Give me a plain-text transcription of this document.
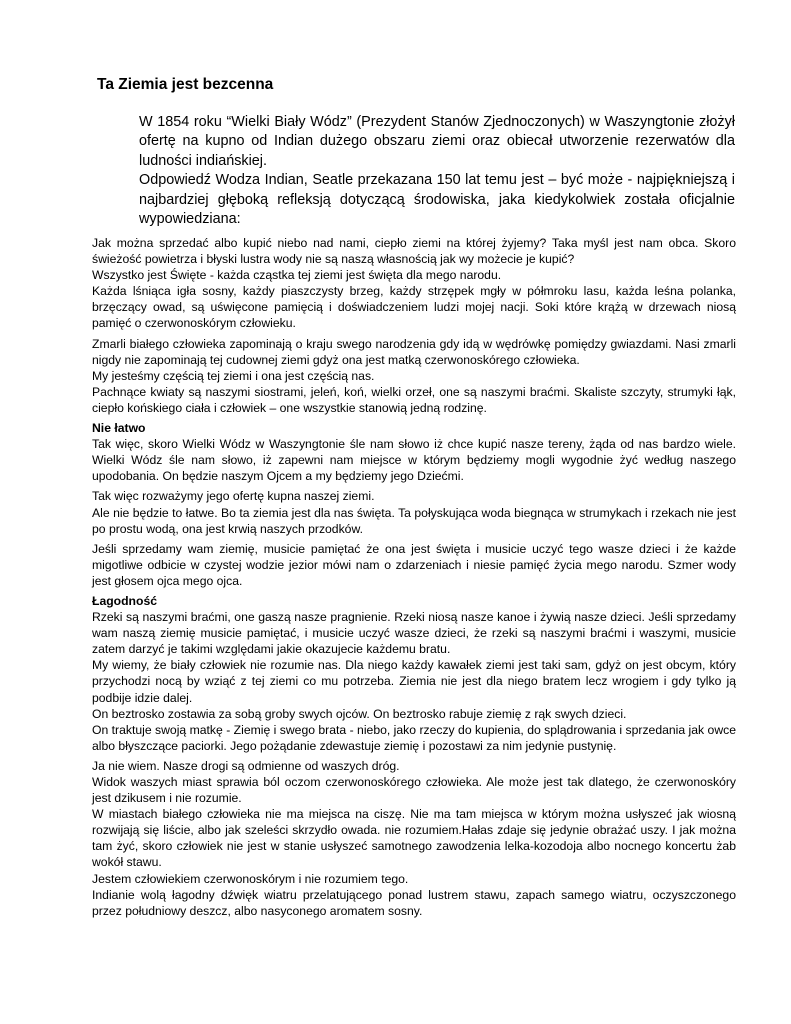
Ta Ziemia jest bezcenna

W 1854 roku “Wielki Biały Wódz” (Prezydent Stanów Zjednoczonych) w Waszyngtonie złożył ofertę na kupno od Indian dużego obszaru ziemi oraz obiecał utworzenie rezerwatów dla ludności indiańskiej.

Odpowiedź Wodza Indian, Seatle przekazana 150 lat temu jest – być może - najpiękniejszą i najbardziej głęboką refleksją dotyczącą środowiska, jaka kiedykolwiek została oficjalnie wypowiedziana:

Jak można sprzedać albo kupić niebo nad nami, ciepło ziemi na której żyjemy? Taka myśl jest nam obca. Skoro świeżość powietrza i błyski lustra wody nie są naszą własnością jak wy możecie je kupić?

Wszystko jest Święte - każda cząstka tej ziemi jest święta dla mego narodu.

Każda lśniąca igła sosny, każdy piaszczysty brzeg, każdy strzępek mgły w półmroku lasu, każda leśna polanka, brzęczący owad, są uświęcone pamięcią i doświadczeniem ludzi mojej nacji. Soki które krążą w drzewach niosą pamięć o czerwonoskórym człowieku.

Zmarli białego człowieka zapominają o kraju swego narodzenia gdy idą w wędrówkę pomiędzy gwiazdami. Nasi zmarli nigdy nie zapominają tej cudownej ziemi gdyż ona jest matką czerwonoskórego człowieka.

My jesteśmy częścią tej ziemi i ona jest częścią nas.

Pachnące kwiaty są naszymi siostrami, jeleń, koń, wielki orzeł, one są naszymi braćmi. Skaliste szczyty, strumyki łąk, ciepło końskiego ciała i człowiek – one wszystkie stanowią jedną rodzinę.

Nie łatwo

Tak więc, skoro Wielki Wódz w Waszyngtonie śle nam słowo iż chce kupić nasze tereny, żąda od nas bardzo wiele. Wielki Wódz śle nam słowo, iż zapewni nam miejsce w którym będziemy mogli wygodnie żyć według naszego upodobania. On będzie naszym Ojcem a my będziemy jego Dziećmi.

Tak więc rozważymy jego ofertę kupna naszej ziemi.

Ale nie będzie to łatwe. Bo ta ziemia jest dla nas święta. Ta połyskująca woda biegnąca w strumykach i rzekach nie jest po prostu wodą, ona jest krwią naszych przodków.

Jeśli sprzedamy wam ziemię, musicie pamiętać że ona jest święta i musicie uczyć tego wasze dzieci i że każde migotliwe odbicie w czystej wodzie jezior mówi nam o zdarzeniach i niesie pamięć życia mego narodu. Szmer wody jest głosem ojca mego ojca.

Łagodność

Rzeki są naszymi braćmi, one gaszą nasze pragnienie. Rzeki niosą nasze kanoe i żywią nasze dzieci. Jeśli sprzedamy wam naszą ziemię musicie pamiętać, i musicie uczyć wasze dzieci, że rzeki są naszymi braćmi i waszymi, musicie zatem darzyć je takimi względami jakie okazujecie każdemu bratu.

My wiemy, że biały człowiek nie rozumie nas. Dla niego każdy kawałek ziemi jest taki sam, gdyż on jest obcym, który przychodzi nocą by wziąć z tej ziemi co mu potrzeba. Ziemia nie jest dla niego bratem lecz wrogiem i gdy tylko ją podbije idzie dalej.

On beztrosko zostawia za sobą groby swych ojców. On beztrosko rabuje ziemię z rąk swych dzieci.

On traktuje swoją matkę - Ziemię i swego brata - niebo, jako rzeczy do kupienia, do splądrowania i sprzedania jak owce albo błyszczące paciorki. Jego pożądanie zdewastuje ziemię i pozostawi za nim jedynie pustynię.

Ja nie wiem. Nasze drogi są odmienne od waszych dróg.

Widok waszych miast sprawia ból oczom czerwonoskórego człowieka. Ale może jest tak dlatego, że czerwonoskóry jest dzikusem i nie rozumie.

W miastach białego człowieka nie ma miejsca na ciszę. Nie ma tam miejsca w którym można usłyszeć jak wiosną rozwijają się liście, albo jak szeleści skrzydło owada. nie rozumiem.Hałas zdaje się jedynie obrażać uszy. I jak można tam żyć, skoro człowiek nie jest w stanie usłyszeć samotnego zawodzenia lelka-kozodoja albo nocnego koncertu żab wokół stawu.

Jestem człowiekiem czerwonoskórym i nie rozumiem tego.

Indianie wolą łagodny dźwięk wiatru przelatującego ponad lustrem stawu, zapach samego wiatru, oczyszczonego przez południowy deszcz, albo nasyconego aromatem sosny.
